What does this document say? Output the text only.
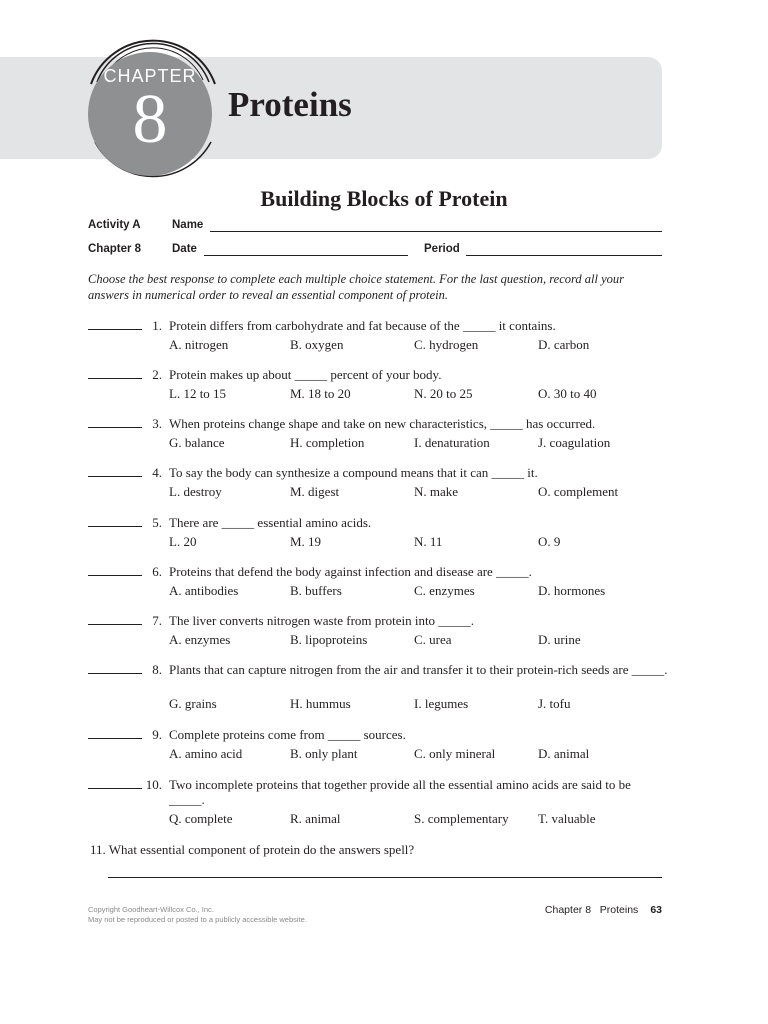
CHAPTER
8	Proteins
Building Blocks of Protein
Activity A	Name
Chapter 8	Date	Period
Choose the best response to complete each multiple choice statement. For the last question, record all your answers in numerical order to reveal an essential component of protein.
1. Protein differs from carbohydrate and fat because of the _____ it contains.
A. nitrogen	B. oxygen	C. hydrogen	D. carbon
2. Protein makes up about _____ percent of your body.
L. 12 to 15	M. 18 to 20	N. 20 to 25	O. 30 to 40
3. When proteins change shape and take on new characteristics, _____ has occurred.
G. balance	H. completion	I. denaturation	J. coagulation
4. To say the body can synthesize a compound means that it can _____ it.
L. destroy	M. digest	N. make	O. complement
5. There are _____ essential amino acids.
L. 20	M. 19	N. 11	O. 9
6. Proteins that defend the body against infection and disease are _____.
A. antibodies	B. buffers	C. enzymes	D. hormones
7. The liver converts nitrogen waste from protein into _____.
A. enzymes	B. lipoproteins	C. urea	D. urine
8. Plants that can capture nitrogen from the air and transfer it to their protein-rich seeds are _____.
G. grains	H. hummus	I. legumes	J. tofu
9. Complete proteins come from _____ sources.
A. amino acid	B. only plant	C. only mineral	D. animal
10. Two incomplete proteins that together provide all the essential amino acids are said to be _____.
Q. complete	R. animal	S. complementary T. valuable
11. What essential component of protein do the answers spell?
Copyright Goodheart-Willcox Co., Inc.
May not be reproduced or posted to a publicly accessible website.
Chapter 8   Proteins 63
